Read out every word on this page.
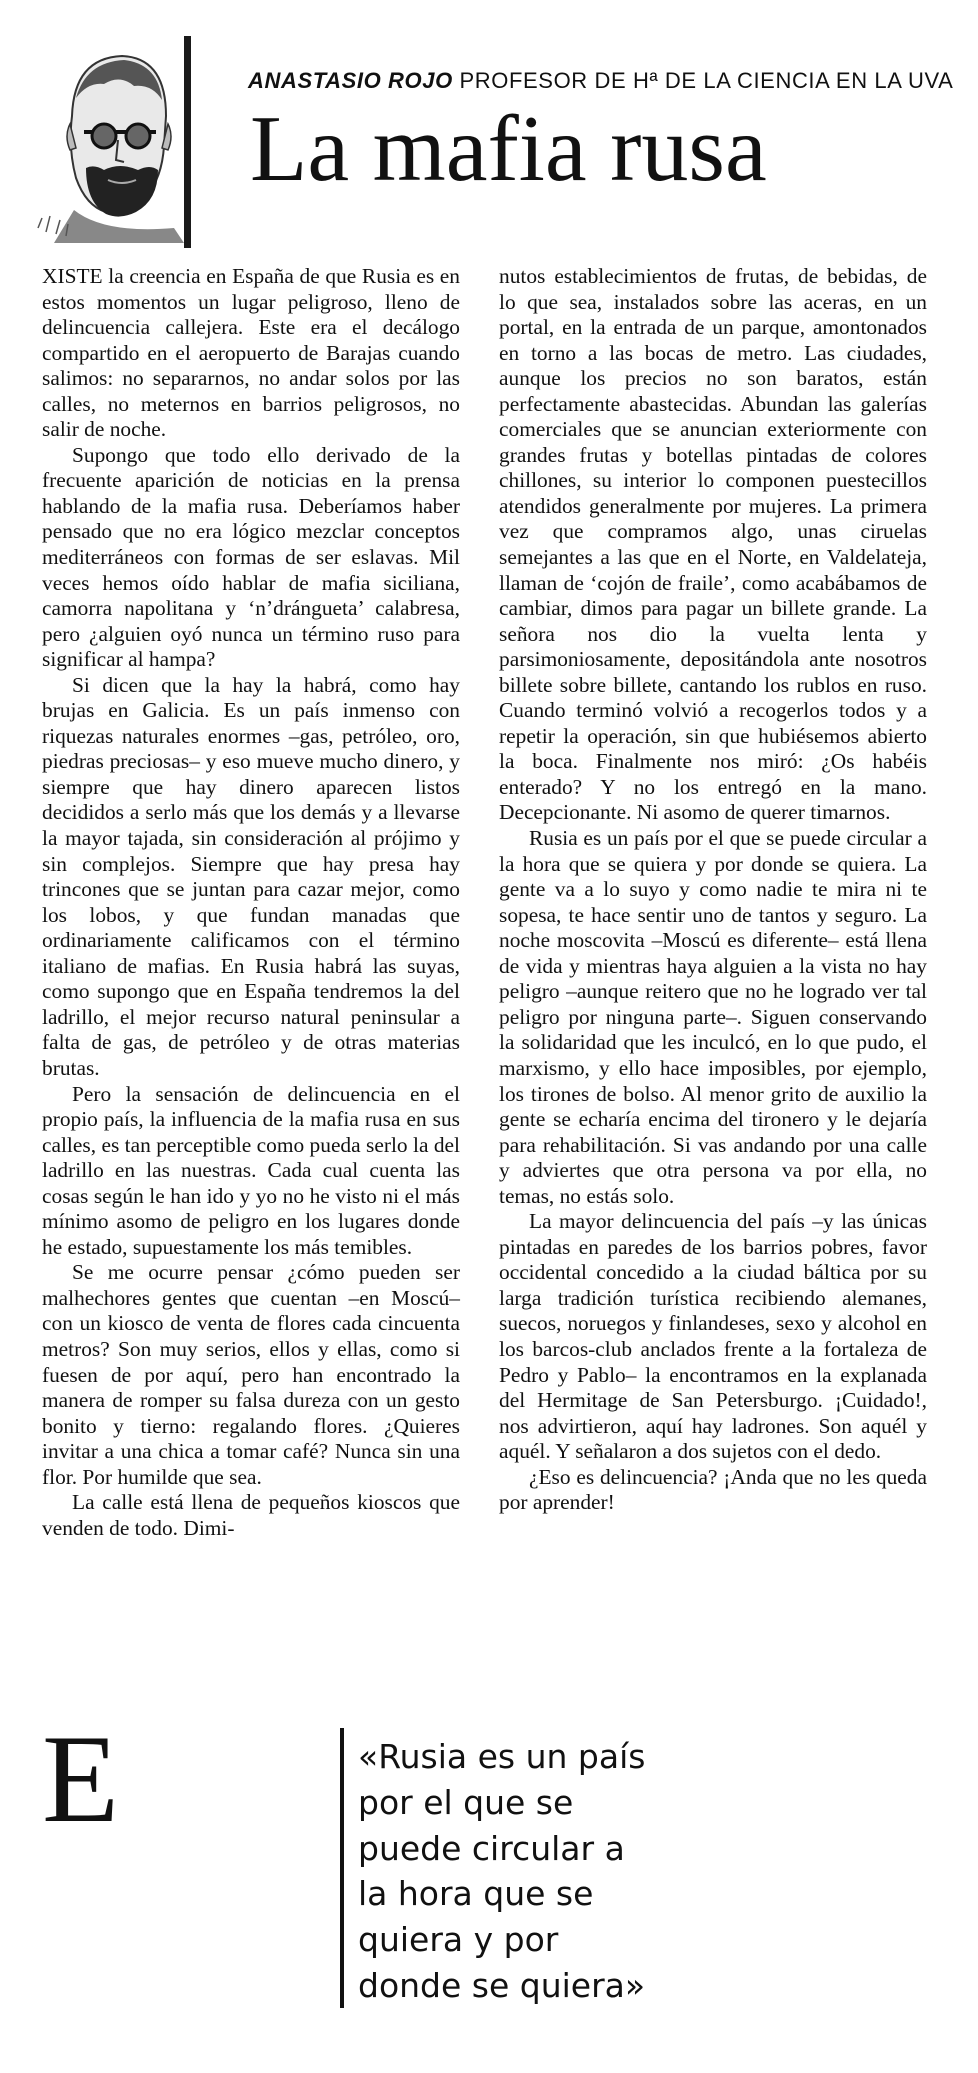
ANASTASIO ROJO PROFESOR DE Hª DE LA CIENCIA EN LA UVA
La mafia rusa

E
XISTE la creencia en España de que Rusia es en estos momentos un lugar peligroso, lleno de delincuencia callejera. Este era el decálogo compartido en el aeropuerto de Barajas cuando salimos: no separarnos, no andar solos por las calles, no meternos en barrios peligrosos, no salir de noche.

Supongo que todo ello derivado de la frecuente aparición de noticias en la prensa hablando de la mafia rusa. Deberíamos haber pensado que no era lógico mezclar conceptos mediterráneos con formas de ser eslavas. Mil veces hemos oído hablar de mafia siciliana, camorra napolitana y ‘n’drángueta’ calabresa, pero ¿alguien oyó nunca un término ruso para significar al hampa?

Si dicen que la hay la habrá, como hay brujas en Galicia. Es un país inmenso con riquezas naturales enormes –gas, petróleo, oro, piedras preciosas– y eso mueve mucho dinero, y siempre que hay dinero aparecen listos decididos a serlo más que los demás y a llevarse la mayor tajada, sin consideración al prójimo y sin complejos. Siempre que hay presa hay trincones que se juntan para cazar mejor, como los lobos, y que fundan manadas que ordinariamente calificamos con el término italiano de mafias. En Rusia habrá las suyas, como supongo que en España tendremos la del ladrillo, el mejor recurso natural peninsular a falta de gas, de petróleo y de otras materias brutas.

Pero la sensación de delincuencia en el propio país, la influencia de la mafia rusa en sus calles, es tan perceptible como pueda serlo la del ladrillo en las nuestras. Cada cual cuenta las cosas según le han ido y yo no he visto ni el más mínimo asomo de peligro en los lugares donde he estado, supuestamente los más temibles.

Se me ocurre pensar ¿cómo pueden ser malhechores gentes que cuentan –en Moscú– con un kiosco de venta de flores cada cincuenta metros? Son muy serios, ellos y ellas, como si fuesen de por aquí, pero han encontrado la manera de romper su falsa dureza con un gesto bonito y tierno: regalando flores. ¿Quieres invitar a una chica a tomar café? Nunca sin una flor. Por humilde que sea.

La calle está llena de pequeños kioscos que venden de todo. Dimi-

nutos establecimientos de frutas, de bebidas, de lo que sea, instalados sobre las aceras, en un portal, en la entrada de un parque, amontonados en torno a las bocas de metro. Las ciudades, aunque los precios no son baratos, están perfectamente abastecidas. Abundan las galerías comerciales que se anuncian exteriormente con grandes frutas y botellas pintadas de colores chillones, su interior lo componen puestecillos atendidos generalmente por mujeres. La primera vez que compramos algo, unas ciruelas semejantes a las que en el Norte, en Valdelateja, llaman de ‘cojón de fraile’, como acabábamos de cambiar, dimos para pagar un billete grande. La señora nos dio la vuelta lenta y parsimoniosamente, depositándola ante nosotros billete sobre billete, cantando los rublos en ruso. Cuando terminó volvió a recogerlos todos y a repetir la operación, sin que hubiésemos abierto la boca. Finalmente nos miró: ¿Os habéis enterado? Y no los entregó en la mano. Decepcionante. Ni asomo de querer timarnos.

Rusia es un país por el que se puede circular a la hora que se quiera y por donde se quiera. La gente va a lo suyo y como nadie te mira ni te sopesa, te hace sentir uno de tantos y seguro. La noche moscovita –Moscú es diferente– está llena de vida y mientras haya alguien a la vista no hay peligro –aunque reitero que no he logrado ver tal peligro por ninguna parte–. Siguen conservando la solidaridad que les inculcó, en lo que pudo, el marxismo, y ello hace imposibles, por ejemplo, los tirones de bolso. Al menor grito de auxilio la gente se echaría encima del tironero y le dejaría para rehabilitación. Si vas andando por una calle y adviertes que otra persona va por ella, no temas, no estás solo.

La mayor delincuencia del país –y las únicas pintadas en paredes de los barrios pobres, favor occidental concedido a la ciudad báltica por su larga tradición turística recibiendo alemanes, suecos, noruegos y finlandeses, sexo y alcohol en los barcos-club anclados frente a la fortaleza de Pedro y Pablo– la encontramos en la explanada del Hermitage de San Petersburgo. ¡Cuidado!, nos advirtieron, aquí hay ladrones. Son aquél y aquél. Y señalaron a dos sujetos con el dedo.

¿Eso es delincuencia? ¡Anda que no les queda por aprender!

«Rusia es un país por el que se puede circular a la hora que se quiera y por donde se quiera»
